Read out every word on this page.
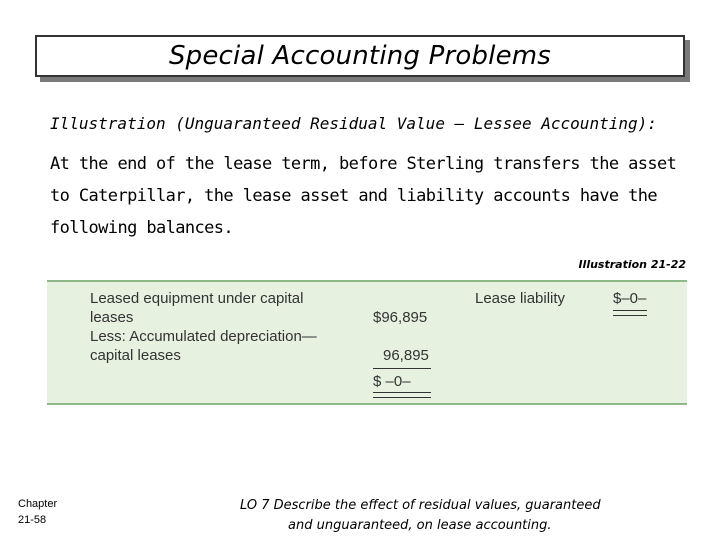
Special Accounting Problems
Illustration (Unguaranteed Residual Value – Lessee Accounting):
At the end of the lease term, before Sterling transfers the asset
to Caterpillar, the lease asset and liability accounts have the
following balances.
Illustration 21-22
Leased equipment under capital
leases	$96,895
Less: Accumulated depreciation—
capital leases	96,895
$ –0–
Lease liability	$–0–
Chapter
21-58
LO 7 Describe the effect of residual values, guaranteed
and unguaranteed, on lease accounting.
